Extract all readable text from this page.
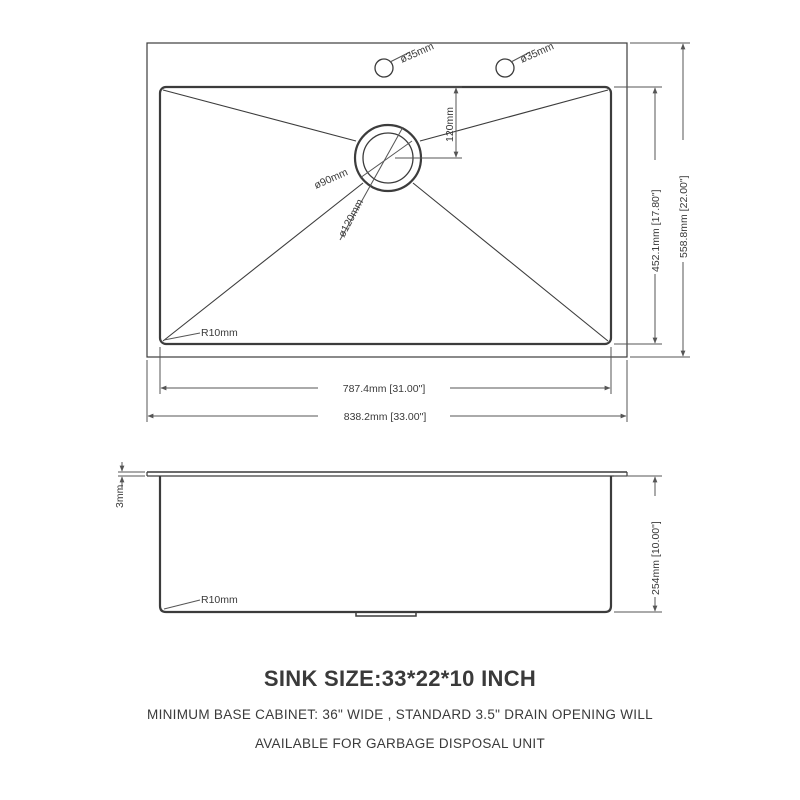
ø35mm	ø35mm
120mm
ø90mm
ø120mm
R10mm
787.4mm [31.00"]
838.2mm [33.00"]
452.1mm [17.80"] 558.8mm [22.00"]
3mm
R10mm
254mm [10.00"]
SINK SIZE:33*22*10 INCH
MINIMUM BASE CABINET: 36" WIDE , STANDARD 3.5" DRAIN OPENING WILL
AVAILABLE FOR GARBAGE DISPOSAL UNIT
